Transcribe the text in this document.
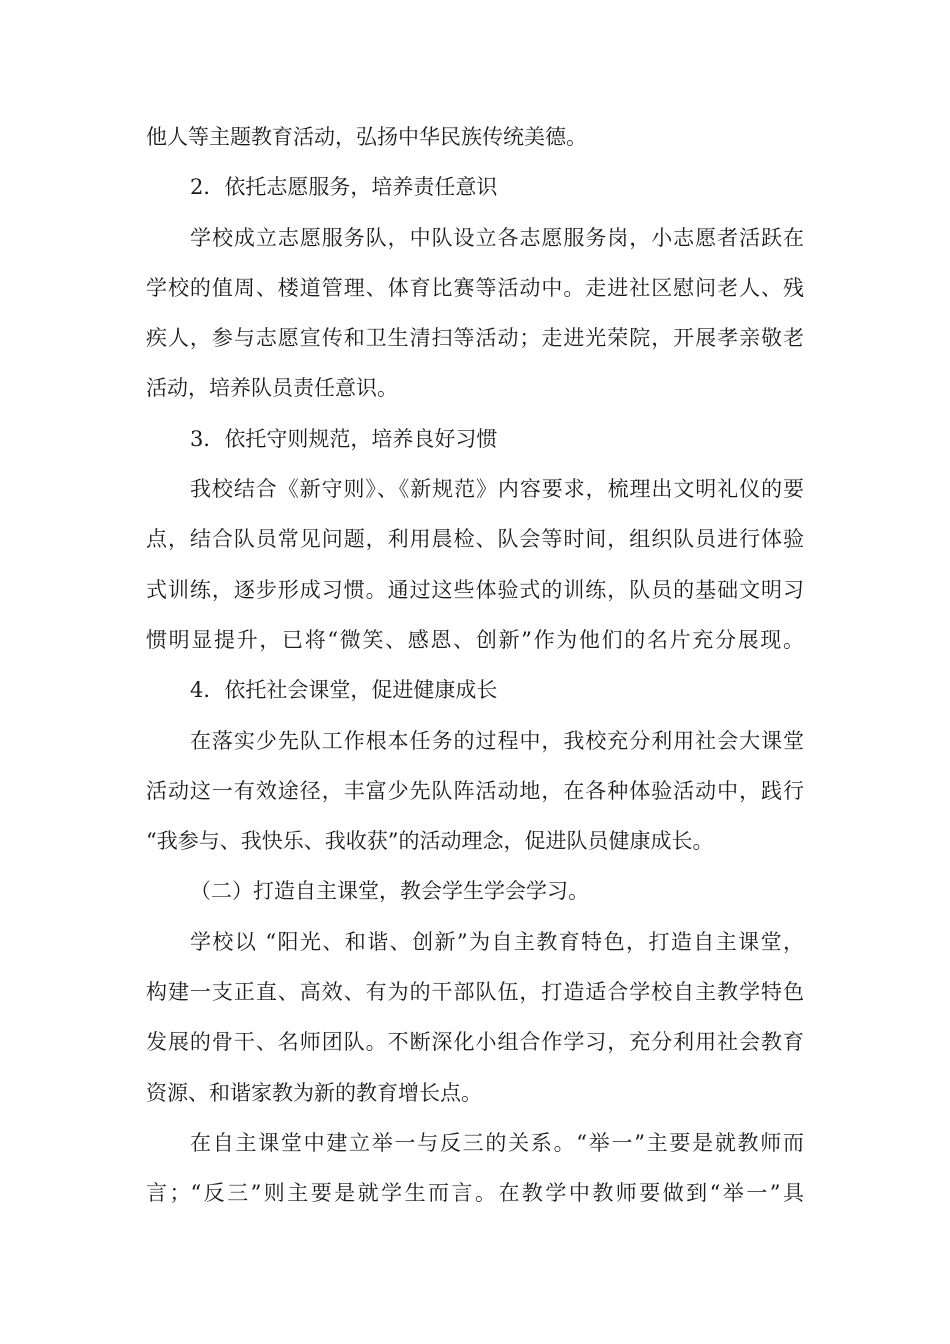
他人等主题教育活动，弘扬中华民族传统美德。
2．依托志愿服务，培养责任意识
学校成立志愿服务队，中队设立各志愿服务岗，小志愿者活跃在
学校的值周、楼道管理、体育比赛等活动中。走进社区慰问老人、残
疾人，参与志愿宣传和卫生清扫等活动；走进光荣院，开展孝亲敬老
活动，培养队员责任意识。
3．依托守则规范，培养良好习惯
我校结合《新守则》、《新规范》内容要求，梳理出文明礼仪的要
点，结合队员常见问题，利用晨检、队会等时间，组织队员进行体验
式训练，逐步形成习惯。通过这些体验式的训练，队员的基础文明习
惯明显提升，已将“微笑、感恩、创新”作为他们的名片充分展现。
4．依托社会课堂，促进健康成长
在落实少先队工作根本任务的过程中，我校充分利用社会大课堂
活动这一有效途径，丰富少先队阵活动地，在各种体验活动中，践行
“我参与、我快乐、我收获”的活动理念，促进队员健康成长。
（二）打造自主课堂，教会学生学会学习。
学校以 “阳光、和谐、创新”为自主教育特色，打造自主课堂，
构建一支正直、高效、有为的干部队伍，打造适合学校自主教学特色
发展的骨干、名师团队。不断深化小组合作学习，充分利用社会教育
资源、和谐家教为新的教育增长点。
在自主课堂中建立举一与反三的关系。“举一”主要是就教师而
言；“反三”则主要是就学生而言。在教学中教师要做到“举一”具
